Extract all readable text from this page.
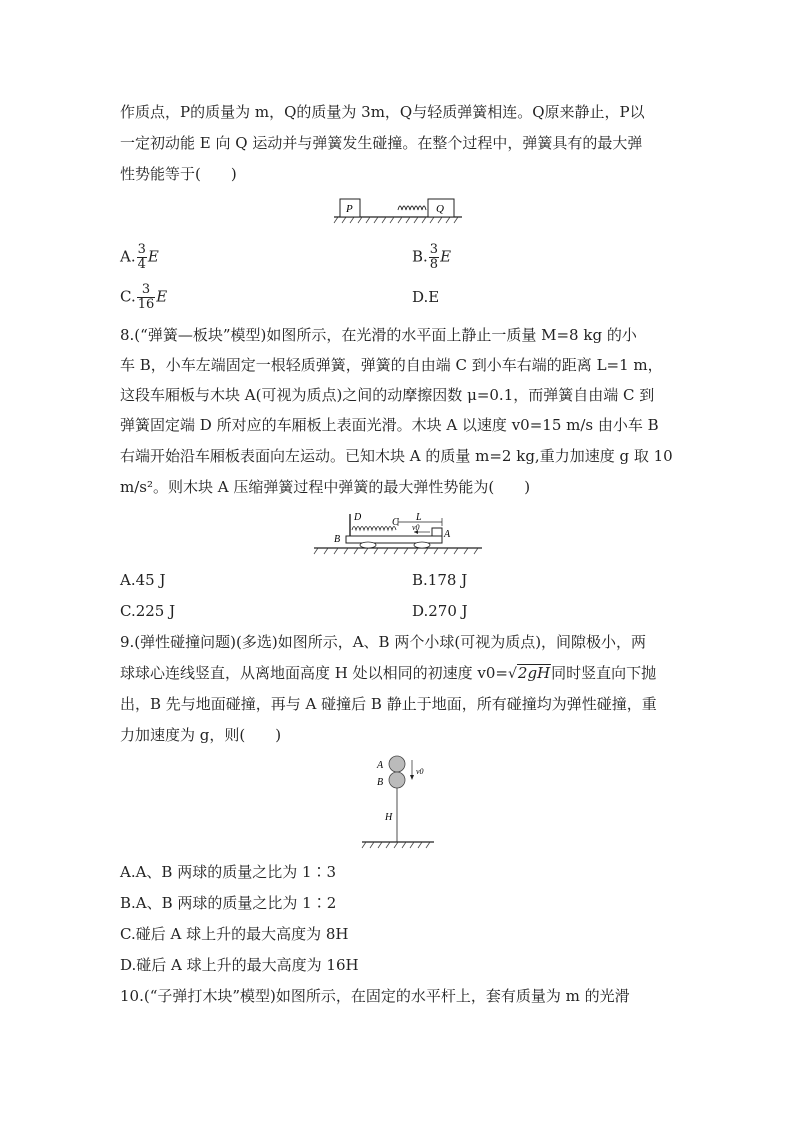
作质点，P的质量为 m，Q的质量为 3m，Q与轻质弹簧相连。Q原来静止，P以
一定初动能 E 向 Q 运动并与弹簧发生碰撞。在整个过程中，弹簧具有的最大弹
性势能等于(　　)
P	Q
A. $\frac{3}{4}$ E	B. $\frac{3}{8}$ E
C. $\frac{3}{16}$ E	D.E
8.(“弹簧—板块”模型)如图所示，在光滑的水平面上静止一质量 M=8 kg 的小
车 B，小车左端固定一根轻质弹簧，弹簧的自由端 C 到小车右端的距离 L=1 m，
这段车厢板与木块 A(可视为质点)之间的动摩擦因数 μ=0.1，而弹簧自由端 C 到
弹簧固定端 D 所对应的车厢板上表面光滑。木块 A 以速度 v0=15 m/s 由小车 B
右端开始沿车厢板表面向左运动。已知木块 A 的质量 m=2 kg,重力加速度 g 取 10
m/s²。则木块 A 压缩弹簧过程中弹簧的最大弹性势能为(　　)
D	C L
v0
A
B
A.45 J	B.178 J
C.225 J	D.270 J
9.(弹性碰撞问题)(多选)如图所示，A、B 两个小球(可视为质点)，间隙极小，两
球球心连线竖直，从离地面高度 H 处以相同的初速度 v0=√2gH同时竖直向下抛
出，B 先与地面碰撞，再与 A 碰撞后 B 静止于地面，所有碰撞均为弹性碰撞，重
力加速度为 g，则(　　)
A
B
v0
H
A.A、B 两球的质量之比为 1∶3
B.A、B 两球的质量之比为 1∶2
C.碰后 A 球上升的最大高度为 8H
D.碰后 A 球上升的最大高度为 16H
10.(“子弹打木块”模型)如图所示，在固定的水平杆上，套有质量为 m 的光滑
